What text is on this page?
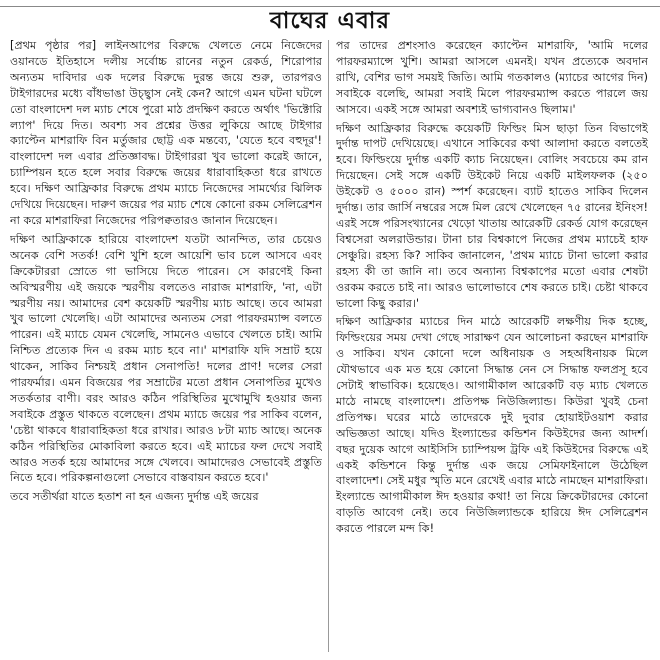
বাঘের এবার

[প্রথম পৃষ্ঠার পর] লাইনআপের বিরুদ্ধে খেলতে নেমে নিজেদের ওয়ানডে ইতিহাসে দলীয় সর্বোচ্চ রানের নতুন রেকর্ড, শিরোপার অন্যতম দাবিদার এক দলের বিরুদ্ধে দুরন্ত জয়ে শুরু, তারপরও টাইগারদের মধ্যে বাঁধভাঙা উচ্ছ্বাস নেই কেন? আগে এমন ঘটনা ঘটলে তো বাংলাদেশ দল ম্যাচ শেষে পুরো মাঠ প্রদক্ষিণ করতে অর্থাৎ 'ভিক্টোরি ল্যাপ' দিয়ে দিত। অবশ্য সব প্রশ্নের উত্তর লুকিয়ে আছে টাইগার ক্যাপ্টেন মাশরাফি বিন মর্তুজার ছোট্ট এক মন্তব্যে, 'যেতে হবে বহুদূর'! বাংলাদেশ দল এবার প্রতিজ্ঞাবদ্ধ। টাইগাররা খুব ভালো করেই জানে, চ্যাম্পিয়ন হতে হলে সবার বিরুদ্ধে জয়ের ধারাবাহিকতা ধরে রাখতে হবে। দক্ষিণ আফ্রিকার বিরুদ্ধে প্রথম ম্যাচে নিজেদের সামর্থ্যের ঝিলিক দেখিয়ে দিয়েছেন। দারুণ জয়ের পর ম্যাচ শেষে কোনো রকম সেলিব্রেশন না করে মাশরাফিরা নিজেদের পরিপক্বতারও জানান দিয়েছেন।

দক্ষিণ আফ্রিকাকে হারিয়ে বাংলাদেশ যতটা আনন্দিত, তার চেয়েও অনেক বেশি সতর্ক! বেশি খুশি হলে আয়েশি ভাব চলে আসবে এবং ক্রিকেটাররা স্রোতে গা ভাসিয়ে দিতে পারেন। সে কারণেই কিনা অবিস্মরণীয় এই জয়কে স্মরণীয় বলতেও নারাজ মাশরাফি, 'না, এটা স্মরণীয় নয়। আমাদের বেশ কয়েকটি স্মরণীয় ম্যাচ আছে। তবে আমরা খুব ভালো খেলেছি। এটা আমাদের অন্যতম সেরা পারফরম্যান্স বলতে পারেন। এই ম্যাচে যেমন খেলেছি, সামনেও এভাবে খেলতে চাই। আমি নিশ্চিত প্রত্যেক দিন এ রকম ম্যাচ হবে না।' মাশরাফি যদি সম্রাট হয়ে থাকেন, সাকিব নিশ্চয়ই প্রধান সেনাপতি! দলের প্রাণ! দলের সেরা পারফর্মার। এমন বিজয়ের পর সম্রাটের মতো প্রধান সেনাপতির মুখেও সতর্কতার বাণী। বরং আরও কঠিন পরিস্থিতির মুখোমুখি হওয়ার জন্য সবাইকে প্রস্তুত থাকতে বলেছেন। প্রথম ম্যাচে জয়ের পর সাকিব বলেন, 'চেষ্টা থাকবে ধারাবাহিকতা ধরে রাখার। আরও ৮টা ম্যাচ আছে। অনেক কঠিন পরিস্থিতির মোকাবিলা করতে হবে। এই ম্যাচের ফল দেখে সবাই আরও সতর্ক হয়ে আমাদের সঙ্গে খেলবে। আমাদেরও সেভাবেই প্রস্তুতি নিতে হবে। পরিকল্পনাগুলো সেভাবে বাস্তবায়ন করতে হবে।'

তবে সতীর্থরা যাতে হতাশ না হন এজন্য দুর্দান্ত এই জয়ের

পর তাদের প্রশংসাও করেছেন ক্যাপ্টেন মাশরাফি, 'আমি দলের পারফরম্যান্সে খুশি। আমরা আসলে এমনই। যখন প্রত্যেকে অবদান রাখি, বেশির ভাগ সময়ই জিতি। আমি গতকালও (ম্যাচের আগের দিন) সবাইকে বলেছি, আমরা সবাই মিলে পারফরম্যান্স করতে পারলে জয় আসবে। একই সঙ্গে আমরা অবশ্যই ভাগ্যবানও ছিলাম।'

দক্ষিণ আফ্রিকার বিরুদ্ধে কয়েকটি ফিল্ডিং মিস ছাড়া তিন বিভাগেই দুর্দান্ত দাপট দেখিয়েছে। এখানে সাকিবের কথা আলাদা করতে বলতেই হবে। ফিল্ডিংয়ে দুর্দান্ত একটি ক্যাচ নিয়েছেন। বোলিং সবচেয়ে কম রান দিয়েছেন। সেই সঙ্গে একটি উইকেট নিয়ে একটি মাইলফলক (২৫০ উইকেট ও ৫০০০ রান) স্পর্শ করেছেন। ব্যাট হাতেও সাকিব দিলেন দুর্দান্ত। তার জার্সি নম্বরের সঙ্গে মিল রেখে খেলেছেন ৭৫ রানের ইনিংস! এরই সঙ্গে পরিসংখ্যানের খেড়ো খাতায় আরেকটি রেকর্ড যোগ করেছেন বিশ্বসেরা অলরাউন্ডার। টানা চার বিশ্বকাপে নিজের প্রথম ম্যাচেই হাফ সেঞ্চুরি। রহস্য কি? সাকিব জানালেন, 'প্রথম ম্যাচে টানা ভালো করার রহস্য কী তা জানি না। তবে অন্যান্য বিশ্বকাপের মতো এবার শেষটা ওরকম করতে চাই না। আরও ভালোভাবে শেষ করতে চাই। চেষ্টা থাকবে ভালো কিছু করার।'

দক্ষিণ আফ্রিকার ম্যাচের দিন মাঠে আরেকটি লক্ষণীয় দিক হচ্ছে, ফিল্ডিংয়ের সময় দেখা গেছে সারাক্ষণ যেন আলোচনা করছেন মাশরাফি ও সাকিব। যখন কোনো দলে অধিনায়ক ও সহঅধিনায়ক মিলে যৌথভাবে এক মত হয়ে কোনো সিদ্ধান্ত নেন সে সিদ্ধান্ত ফলপ্রসূ হবে সেটাই স্বাভাবিক। হয়েছেও। আগামীকাল আরেকটি বড় ম্যাচ খেলতে মাঠে নামছে বাংলাদেশ। প্রতিপক্ষ নিউজিল্যান্ড। কিউরা খুবই চেনা প্রতিপক্ষ। ঘরের মাঠে তাদেরকে দুই দুবার হোয়াইটওয়াশ করার অভিজ্ঞতা আছে। যদিও ইংল্যান্ডের কন্ডিশন কিউইদের জন্য আদর্শ। বছর দুয়েক আগে আইসিসি চ্যাম্পিয়ন্স ট্রফি এই কিউইদের বিরুদ্ধে এই একই কন্ডিশনে কিন্তু দুর্দান্ত এক জয়ে সেমিফাইনালে উঠেছিল বাংলাদেশ। সেই মধুর স্মৃতি মনে রেখেই এবার মাঠে নামছেন মাশরাফিরা। ইংল্যান্ডে আগামীকাল ঈদ হওয়ার কথা! তা নিয়ে ক্রিকেটারদের কোনো বাড়তি আবেগ নেই। তবে নিউজিল্যান্ডকে হারিয়ে ঈদ সেলিব্রেশন করতে পারলে মন্দ কি!
